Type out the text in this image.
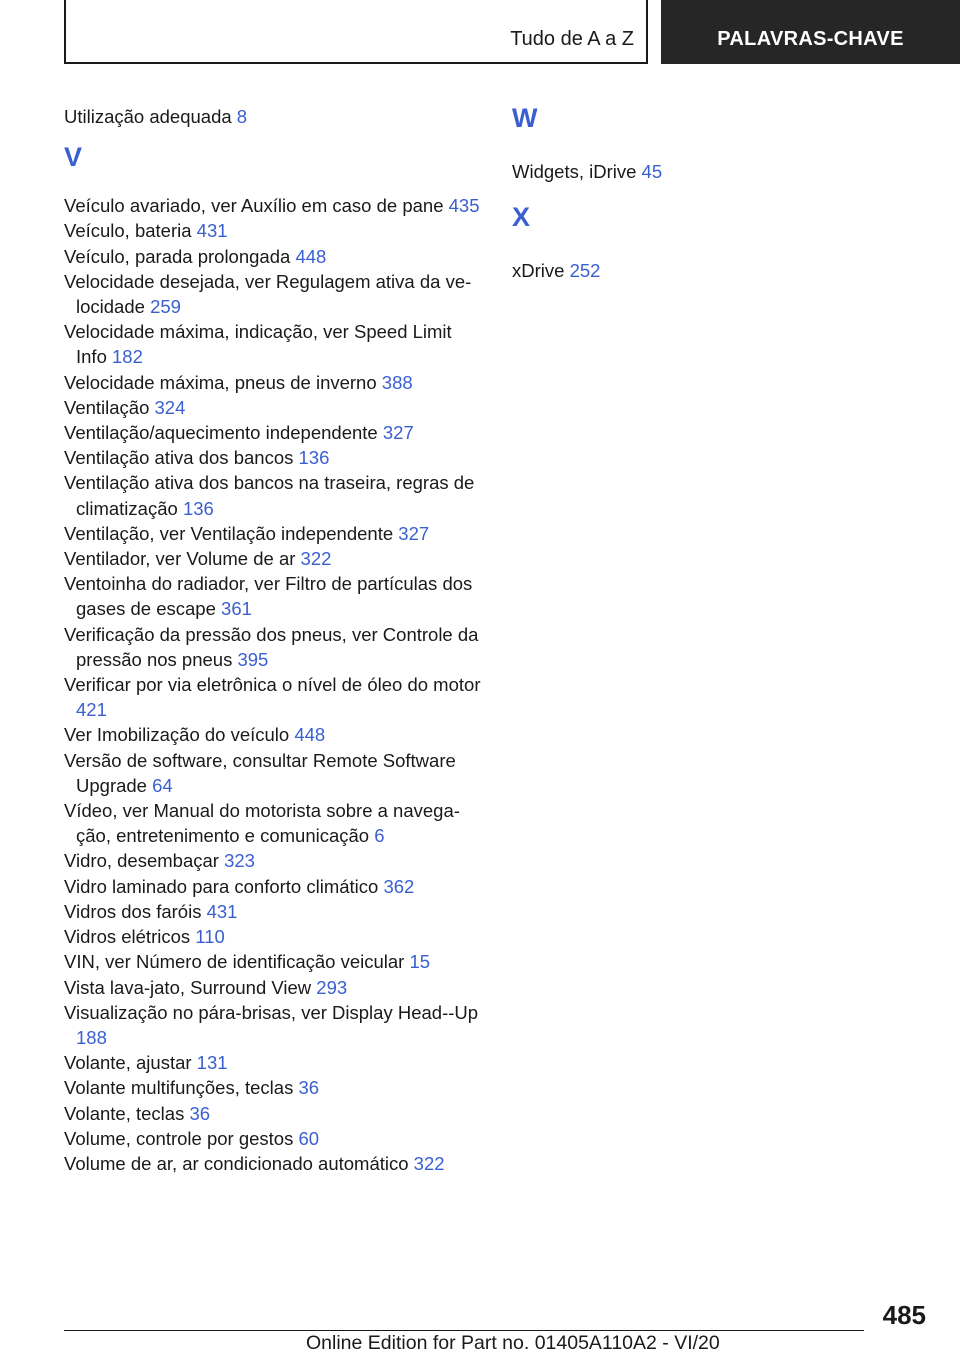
Tudo de A a Z	PALAVRAS-CHAVE
Utilização adequada 8
V
Veículo avariado, ver Auxílio em caso de pane 435
Veículo, bateria 431
Veículo, parada prolongada 448
Velocidade desejada, ver Regulagem ativa da velocidade 259
Velocidade máxima, indicação, ver Speed Limit Info 182
Velocidade máxima, pneus de inverno 388
Ventilação 324
Ventilação/aquecimento independente 327
Ventilação ativa dos bancos 136
Ventilação ativa dos bancos na traseira, regras de climatização 136
Ventilação, ver Ventilação independente 327
Ventilador, ver Volume de ar 322
Ventoinha do radiador, ver Filtro de partículas dos gases de escape 361
Verificação da pressão dos pneus, ver Controle da pressão nos pneus 395
Verificar por via eletrônica o nível de óleo do motor 421
Ver Imobilização do veículo 448
Versão de software, consultar Remote Software Upgrade 64
Vídeo, ver Manual do motorista sobre a navegação, entretenimento e comunicação 6
Vidro, desembaçar 323
Vidro laminado para conforto climático 362
Vidros dos faróis 431
Vidros elétricos 110
VIN, ver Número de identificação veicular 15
Vista lava-jato, Surround View 293
Visualização no pára-brisas, ver Display Head-​-Up 188
Volante, ajustar 131
Volante multifunções, teclas 36
Volante, teclas 36
Volume, controle por gestos 60
Volume de ar, ar condicionado automático 322
W
Widgets, iDrive 45
X
xDrive 252
485
Online Edition for Part no. 01405A110A2 - VI/20
